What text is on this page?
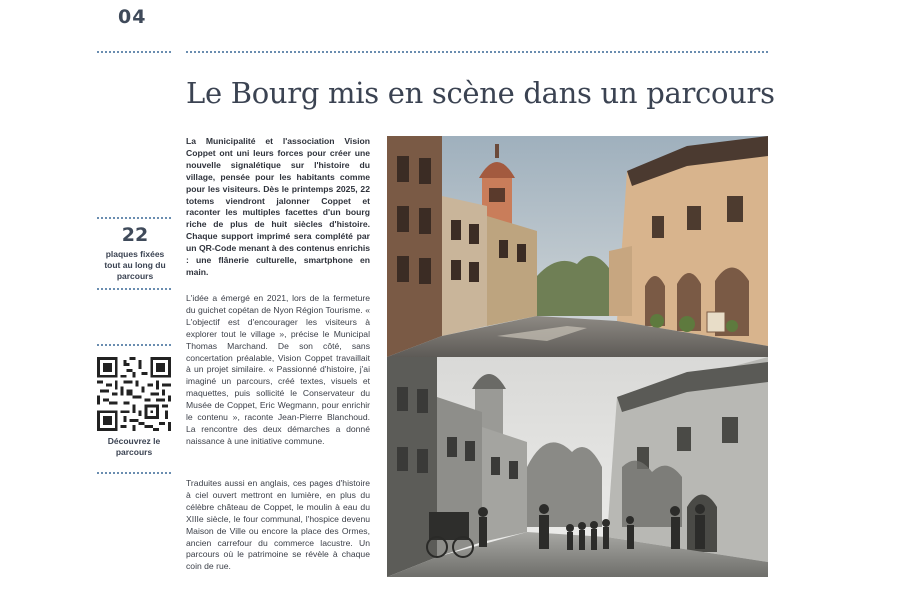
04
Le Bourg mis en scène dans un parcours
22
plaques fixées tout au long du parcours
Découvrez le parcours

La Municipalité et l'association Vision Coppet ont uni leurs forces pour créer une nouvelle signalétique sur l'histoire du village, pensée pour les habitants comme pour les visiteurs. Dès le printemps 2025, 22 totems viendront jalonner Coppet et raconter les multiples facettes d'un bourg riche de plus de huit siècles d'histoire. Chaque support imprimé sera complété par un QR-Code menant à des contenus enrichis : une flânerie culturelle, smartphone en main.

L'idée a émergé en 2021, lors de la fermeture du guichet copétan de Nyon Région Tourisme. « L'objectif est d'encourager les visiteurs à explorer tout le village », précise le Municipal Thomas Marchand. De son côté, sans concertation préalable, Vision Coppet travaillait à un projet similaire. « Passionné d'histoire, j'ai imaginé un parcours, créé textes, visuels et maquettes, puis sollicité le Conservateur du Musée de Coppet, Eric Wegmann, pour enrichir le contenu », raconte Jean-Pierre Blanchoud. La rencontre des deux démarches a donné naissance à une initiative commune.

Traduites aussi en anglais, ces pages d'histoire à ciel ouvert mettront en lumière, en plus du célèbre château de Coppet, le moulin à eau du XIIIe siècle, le four communal, l'hospice devenu Maison de Ville ou encore la place des Ormes, ancien carrefour du commerce lacustre. Un parcours où le patrimoine se révèle à chaque coin de rue.
